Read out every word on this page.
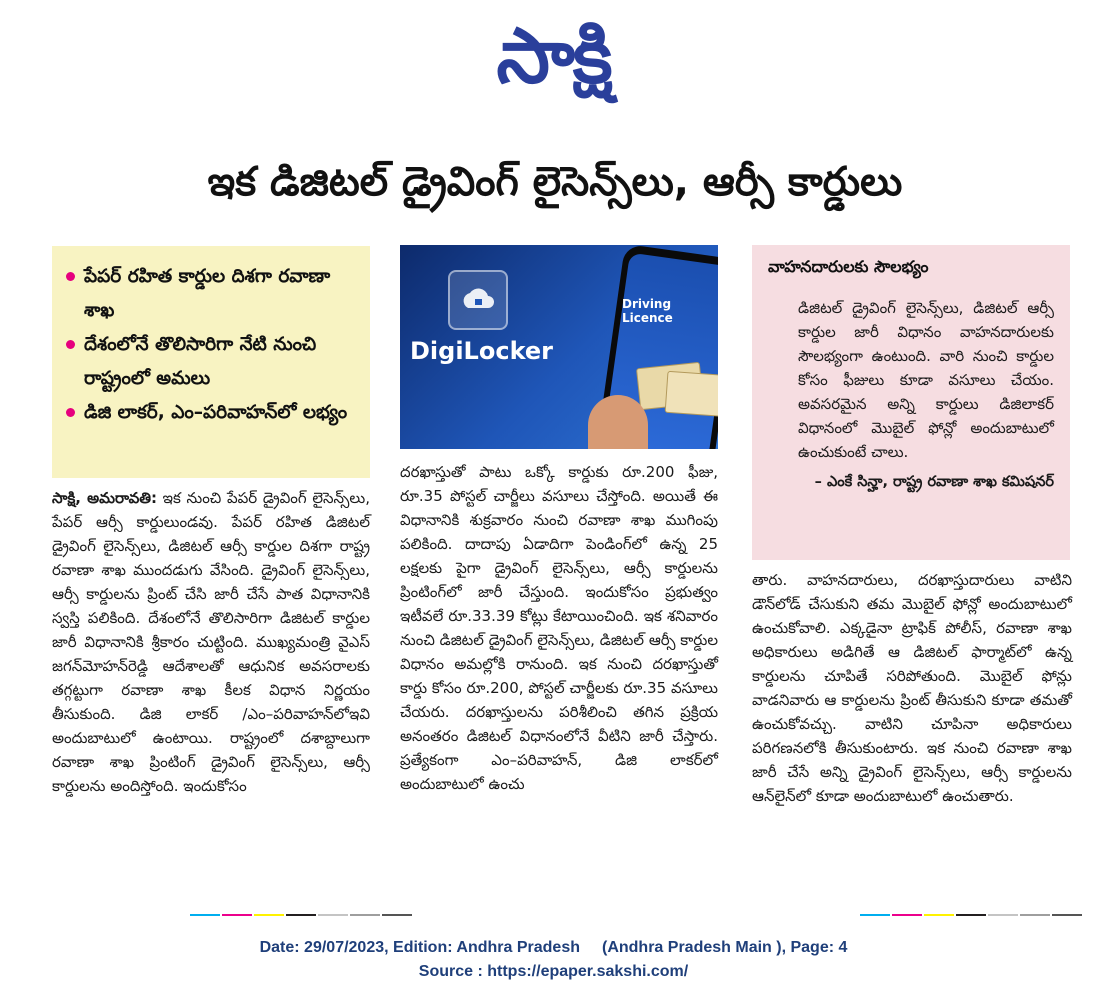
సాక్షి
ఇక డిజిటల్ డ్రైవింగ్ లైసెన్స్‌లు, ఆర్సీ కార్డులు
పేపర్ రహిత కార్డుల దిశగా రవాణా శాఖ
దేశంలోనే తొలిసారిగా నేటి నుంచి రాష్ట్రంలో అమలు
డిజి లాకర్, ఎం–పరివాహన్‌లో లభ్యం
DigiLocker
Driving Licence
వాహనదారులకు సౌలభ్యం
డిజిటల్ డ్రైవింగ్ లైసెన్స్‌లు, డిజిటల్ ఆర్సీ కార్డుల జారీ విధానం వాహనదారులకు సౌలభ్యంగా ఉంటుంది. వారి నుంచి కార్డుల కోసం ఫీజులు కూడా వసూలు చేయం. అవసరమైన అన్ని కార్డులు డిజిలాకర్ విధానంలో మొబైల్ ఫోన్లో అందుబాటులో ఉంచుకుంటే చాలు.
– ఎంకే సిన్హా, రాష్ట్ర రవాణా శాఖ కమిషనర్

సాక్షి, అమరావతి: ఇక నుంచి పేపర్ డ్రైవింగ్ లైసెన్స్‌లు, పేపర్ ఆర్సీ కార్డులుండవు. పేపర్ రహిత డిజిటల్ డ్రైవింగ్ లైసెన్స్‌లు, డిజిటల్ ఆర్సీ కార్డుల దిశగా రాష్ట్ర రవాణా శాఖ ముందడుగు వేసింది. డ్రైవింగ్ లైసెన్స్‌లు, ఆర్సీ కార్డులను ప్రింట్ చేసి జారీ చేసే పాత విధానానికి స్వస్తి పలికింది. దేశంలోనే తొలిసారిగా డిజిటల్ కార్డుల జారీ విధానానికి శ్రీకారం చుట్టింది. ముఖ్యమంత్రి వైఎస్ జగన్‌మోహన్‌రెడ్డి ఆదేశాలతో ఆధునిక అవసరాలకు తగ్గట్టుగా రవాణా శాఖ కీలక విధాన నిర్ణయం తీసుకుంది. డిజి లాకర్ /ఎం–పరివాహన్‌లోఇవి అందుబాటులో ఉంటాయి. రాష్ట్రంలో దశాబ్దాలుగా రవాణా శాఖ ప్రింటింగ్ డ్రైవింగ్ లైసెన్స్‌లు, ఆర్సీ కార్డులను అందిస్తోంది. ఇందుకోసం

దరఖాస్తుతో పాటు ఒక్కో కార్డుకు రూ.200 ఫీజు, రూ.35 పోస్టల్ చార్జీలు వసూలు చేస్తోంది. అయితే ఈ విధానానికి శుక్రవారం నుంచి రవాణా శాఖ ముగింపు పలికింది. దాదాపు ఏడాదిగా పెండింగ్‌లో ఉన్న 25 లక్షలకు పైగా డ్రైవింగ్ లైసెన్స్‌లు, ఆర్సీ కార్డులను ప్రింటింగ్‌లో జారీ చేస్తుంది. ఇందుకోసం ప్రభుత్వం ఇటీవలే రూ.33.39 కోట్లు కేటాయించింది. ఇక శనివారం నుంచి డిజిటల్ డ్రైవింగ్ లైసెన్స్‌లు, డిజిటల్ ఆర్సీ కార్డుల విధానం అమల్లోకి రానుంది. ఇక నుంచి దరఖాస్తుతో కార్డు కోసం రూ.200, పోస్టల్ చార్జీలకు రూ.35 వసూలు చేయరు. దరఖాస్తులను పరిశీలించి తగిన ప్రక్రియ అనంతరం డిజిటల్ విధానంలోనే వీటిని జారీ చేస్తారు. ప్రత్యేకంగా ఎం–పరివాహన్, డిజి లాకర్‌లో అందుబాటులో ఉంచు

తారు. వాహనదారులు, దరఖాస్తుదారులు వాటిని డౌన్‌లోడ్ చేసుకుని తమ మొబైల్ ఫోన్లో అందుబాటులో ఉంచుకోవాలి. ఎక్కడైనా ట్రాఫిక్ పోలీస్, రవాణా శాఖ అధికారులు అడిగితే ఆ డిజిటల్ ఫార్మాట్‌లో ఉన్న కార్డులను చూపితే సరిపోతుంది. మొబైల్ ఫోన్లు వాడనివారు ఆ కార్డులను ప్రింట్ తీసుకుని కూడా తమతో ఉంచుకోవచ్చు. వాటిని చూపినా అధికారులు పరిగణనలోకి తీసుకుంటారు. ఇక నుంచి రవాణా శాఖ జారీ చేసే అన్ని డ్రైవింగ్ లైసెన్స్‌లు, ఆర్సీ కార్డులను ఆన్‌లైన్‌లో కూడా అందుబాటులో ఉంచుతారు.

Date: 29/07/2023, Edition: Andhra Pradesh (Andhra Pradesh Main ), Page: 4
Source : https://epaper.sakshi.com/
